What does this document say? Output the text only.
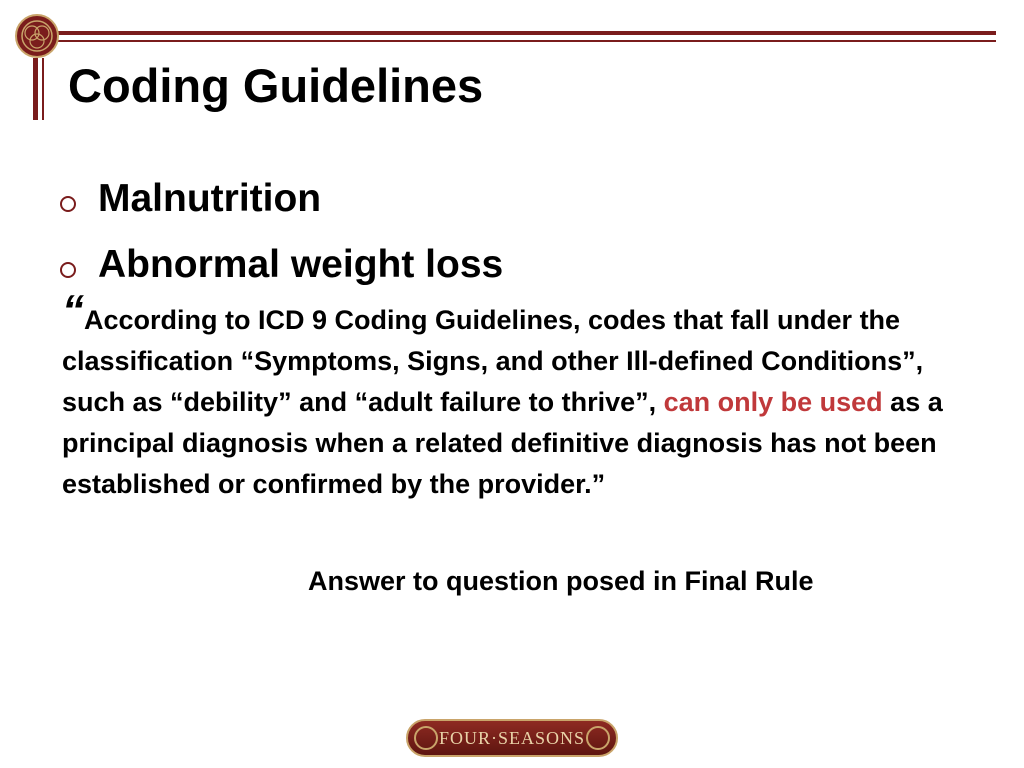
Coding Guidelines
Malnutrition
Abnormal weight loss

“According to ICD 9 Coding Guidelines, codes that fall under the classification “Symptoms, Signs, and other Ill-defined Conditions”, such as “debility” and “adult failure to thrive”, can only be used as a principal diagnosis when a related definitive diagnosis has not been established or confirmed by the provider.”

Answer to question posed in Final Rule

FOUR·SEASONS
